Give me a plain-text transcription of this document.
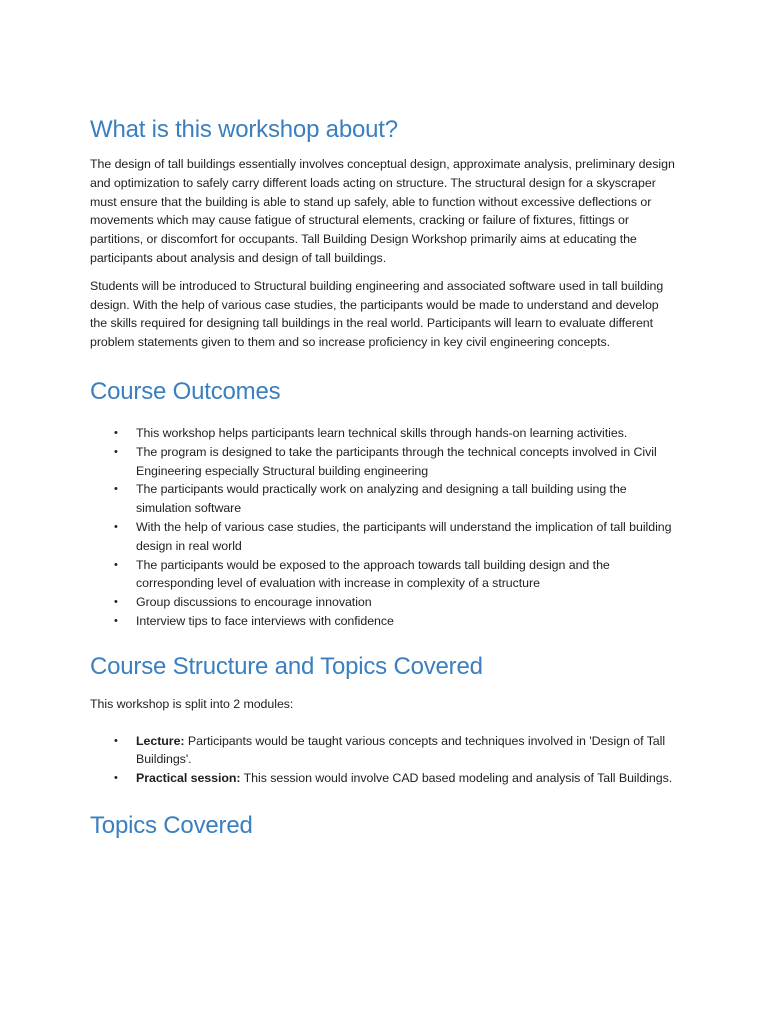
What is this workshop about?

The design of tall buildings essentially involves conceptual design, approximate analysis, preliminary design and optimization to safely carry different loads acting on structure. The structural design for a skyscraper must ensure that the building is able to stand up safely, able to function without excessive deflections or movements which may cause fatigue of structural elements, cracking or failure of fixtures, fittings or partitions, or discomfort for occupants. Tall Building Design Workshop primarily aims at educating the participants about analysis and design of tall buildings.

Students will be introduced to Structural building engineering and associated software used in tall building design. With the help of various case studies, the participants would be made to understand and develop the skills required for designing tall buildings in the real world. Participants will learn to evaluate different problem statements given to them and so increase proficiency in key civil engineering concepts.

Course Outcomes
• This workshop helps participants learn technical skills through hands-on learning activities.
• The program is designed to take the participants through the technical concepts involved in Civil Engineering especially Structural building engineering
• The participants would practically work on analyzing and designing a tall building using the simulation software
• With the help of various case studies, the participants will understand the implication of tall building design in real world
• The participants would be exposed to the approach towards tall building design and the corresponding level of evaluation with increase in complexity of a structure
• Group discussions to encourage innovation
• Interview tips to face interviews with confidence
Course Structure and Topics Covered

This workshop is split into 2 modules:

• Lecture: Participants would be taught various concepts and techniques involved in 'Design of Tall Buildings'.
• Practical session: This session would involve CAD based modeling and analysis of Tall Buildings.
Topics Covered
